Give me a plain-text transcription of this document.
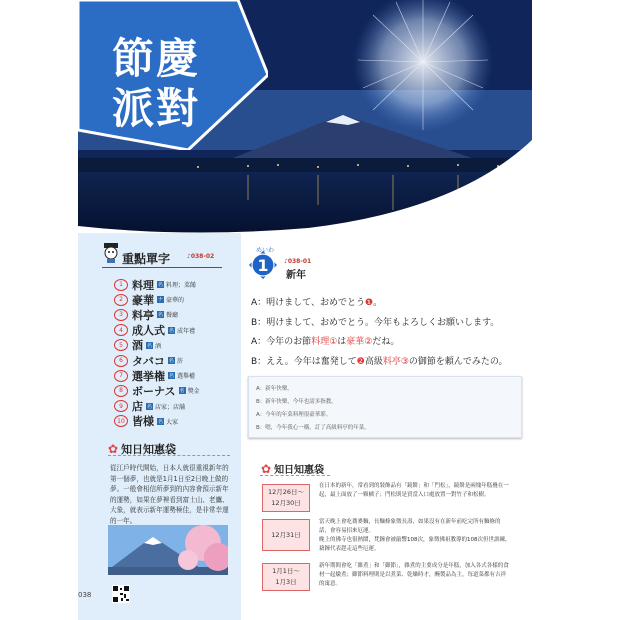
節慶派對
重點單字	♪038-02
1 料理 名 料理；菜餚
2 豪華 ナ 豪華的
3 料亭 名 餐廳
4 成人式 名 成年禮
5 酒 名 酒
6 タバコ 名 菸
7 選挙権 名 選舉權
8 ボーナス 名 獎金
9 店 名 店家；店舖
10 皆様 名 大家
✿ 知日知惠袋
從江戶時代開始，日本人就很重視新年的第一個夢，也就是1月1日至2日晚上做的夢。一般會相信所夢到的內容會預示新年的運勢，如果在夢裡看到富士山、老鷹、大象，就表示新年運勢極佳，是非常幸運的一年。
038
1
めいわ
♪038-01
新年
A：明けまして、おめでとう❶。
B：明けまして、おめでとう。今年もよろしくお願いします。
A：今年のお節料理①は豪華②だね。
B：ええ。今年は奮発して❷高級料亭③の御節を頼んでみたの。
A：新年快樂。
B：新年快樂，今年也請多指教。
A：今年的年菜料理很豪華耶。
B：嗯，今年我心一橫，訂了高級料亭的年菜。
✿ 知日知惠袋
12月26日～
12月30日
在日本的新年，常看到的裝飾品有「鏡餅」和「門松」，鏡餅是兩塊年糕疊在一起，最上面放了一顆橘子；門松則是買當入口處放置一對竹子和松樹。
12月31日
當天晚上會吃蕎麥麵，長麵條象徵長壽，如果沒有在新年前吃完所有麵條的話，會容易招來厄運。
晚上的佛寺也很熱鬧，梵鐘會被敲響108次，象徵佛祖教導的108次但世訓練，藉鐘代表趕走這些厄運。
1月1日～
1月3日
新年期間會吃「雜煮」和「御節」，雜煮的主要成分是年糕，加入各式各樣的食材一起燉煮；御節料理則是以煮菜、乾燥時才，醃製品為主，每道菜都有吉祥的寓意。
